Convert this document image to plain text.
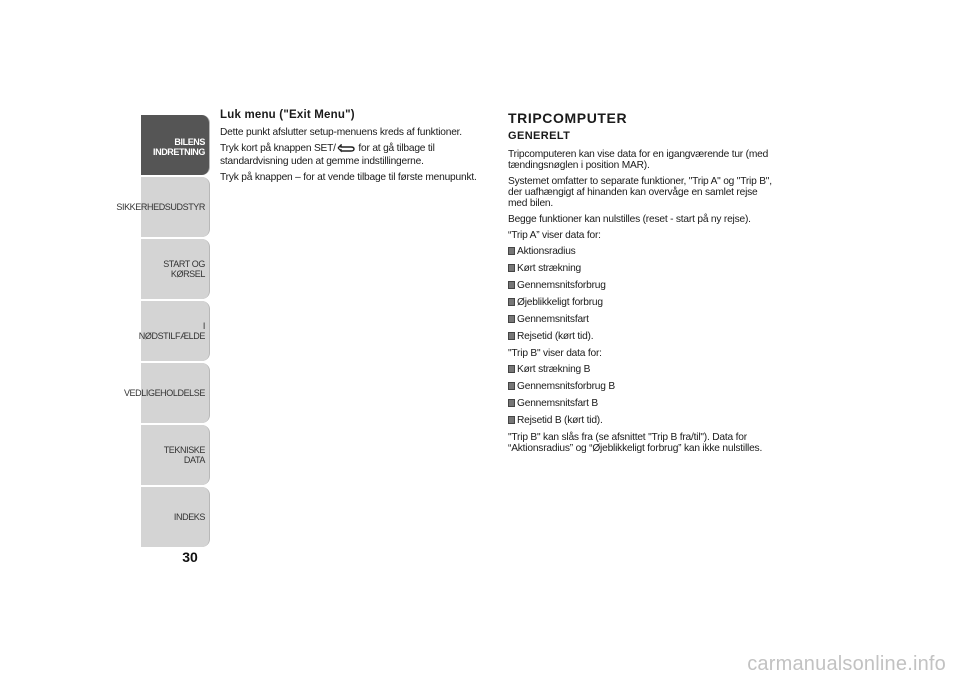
BILENS
INDRETNING
SIKKERHEDSUDSTYR
START OG KØRSEL
I NØDSTILFÆLDE
VEDLIGEHOLDELSE
TEKNISKE DATA
INDEKS
30
Luk menu ("Exit Menu")

Dette punkt afslutter setup-menuens kreds af funktioner.

Tryk kort på knappen SET/ for at gå tilbage til standardvisning uden at gemme indstillingerne.

Tryk på knappen – for at vende tilbage til første menupunkt.

TRIPCOMPUTER
GENERELT

Tripcomputeren kan vise data for en igangværende tur (med tændingsnøglen i position MAR).

Systemet omfatter to separate funktioner, "Trip A" og "Trip B", der uafhængigt af hinanden kan overvåge en samlet rejse med bilen.

Begge funktioner kan nulstilles (reset - start på ny rejse).

“Trip A” viser data for:

Aktionsradius
Kørt strækning
Gennemsnitsforbrug
Øjeblikkeligt forbrug
Gennemsnitsfart
Rejsetid (kørt tid).

"Trip B" viser data for:

Kørt strækning B
Gennemsnitsforbrug B
Gennemsnitsfart B
Rejsetid B (kørt tid).

"Trip B" kan slås fra (se afsnittet "Trip B fra/til"). Data for “Aktionsradius” og “Øjeblikkeligt forbrug” kan ikke nulstilles.

carmanualsonline.info
